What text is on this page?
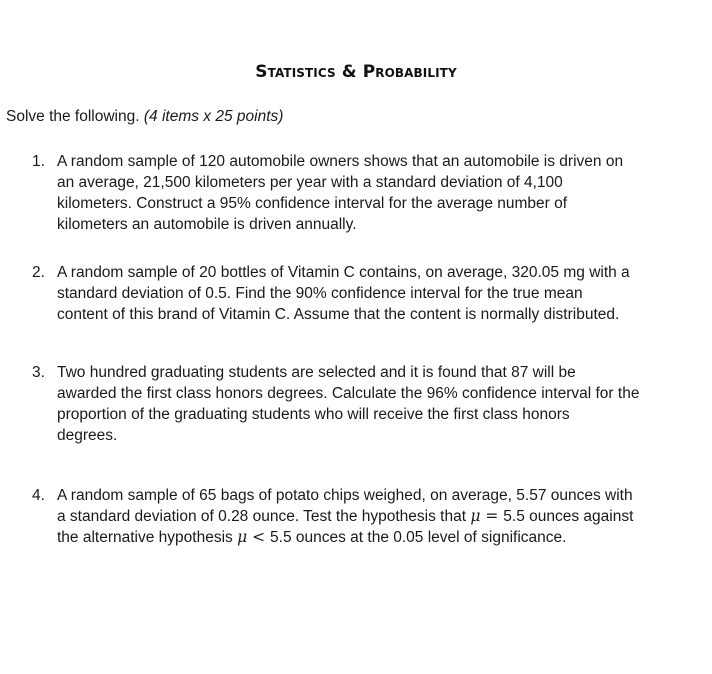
Statistics & Probability
Solve the following. (4 items x 25 points)
1. A random sample of 120 automobile owners shows that an automobile is driven on
an average, 21,500 kilometers per year with a standard deviation of 4,100
kilometers. Construct a 95% confidence interval for the average number of
kilometers an automobile is driven annually.
2. A random sample of 20 bottles of Vitamin C contains, on average, 320.05 mg with a
standard deviation of 0.5. Find the 90% confidence interval for the true mean
content of this brand of Vitamin C. Assume that the content is normally distributed.
3. Two hundred graduating students are selected and it is found that 87 will be
awarded the first class honors degrees. Calculate the 96% confidence interval for the
proportion of the graduating students who will receive the first class honors
degrees.
4. A random sample of 65 bags of potato chips weighed, on average, 5.57 ounces with
a standard deviation of 0.28 ounce. Test the hypothesis that μ = 5.5 ounces against
the alternative hypothesis μ < 5.5 ounces at the 0.05 level of significance.
